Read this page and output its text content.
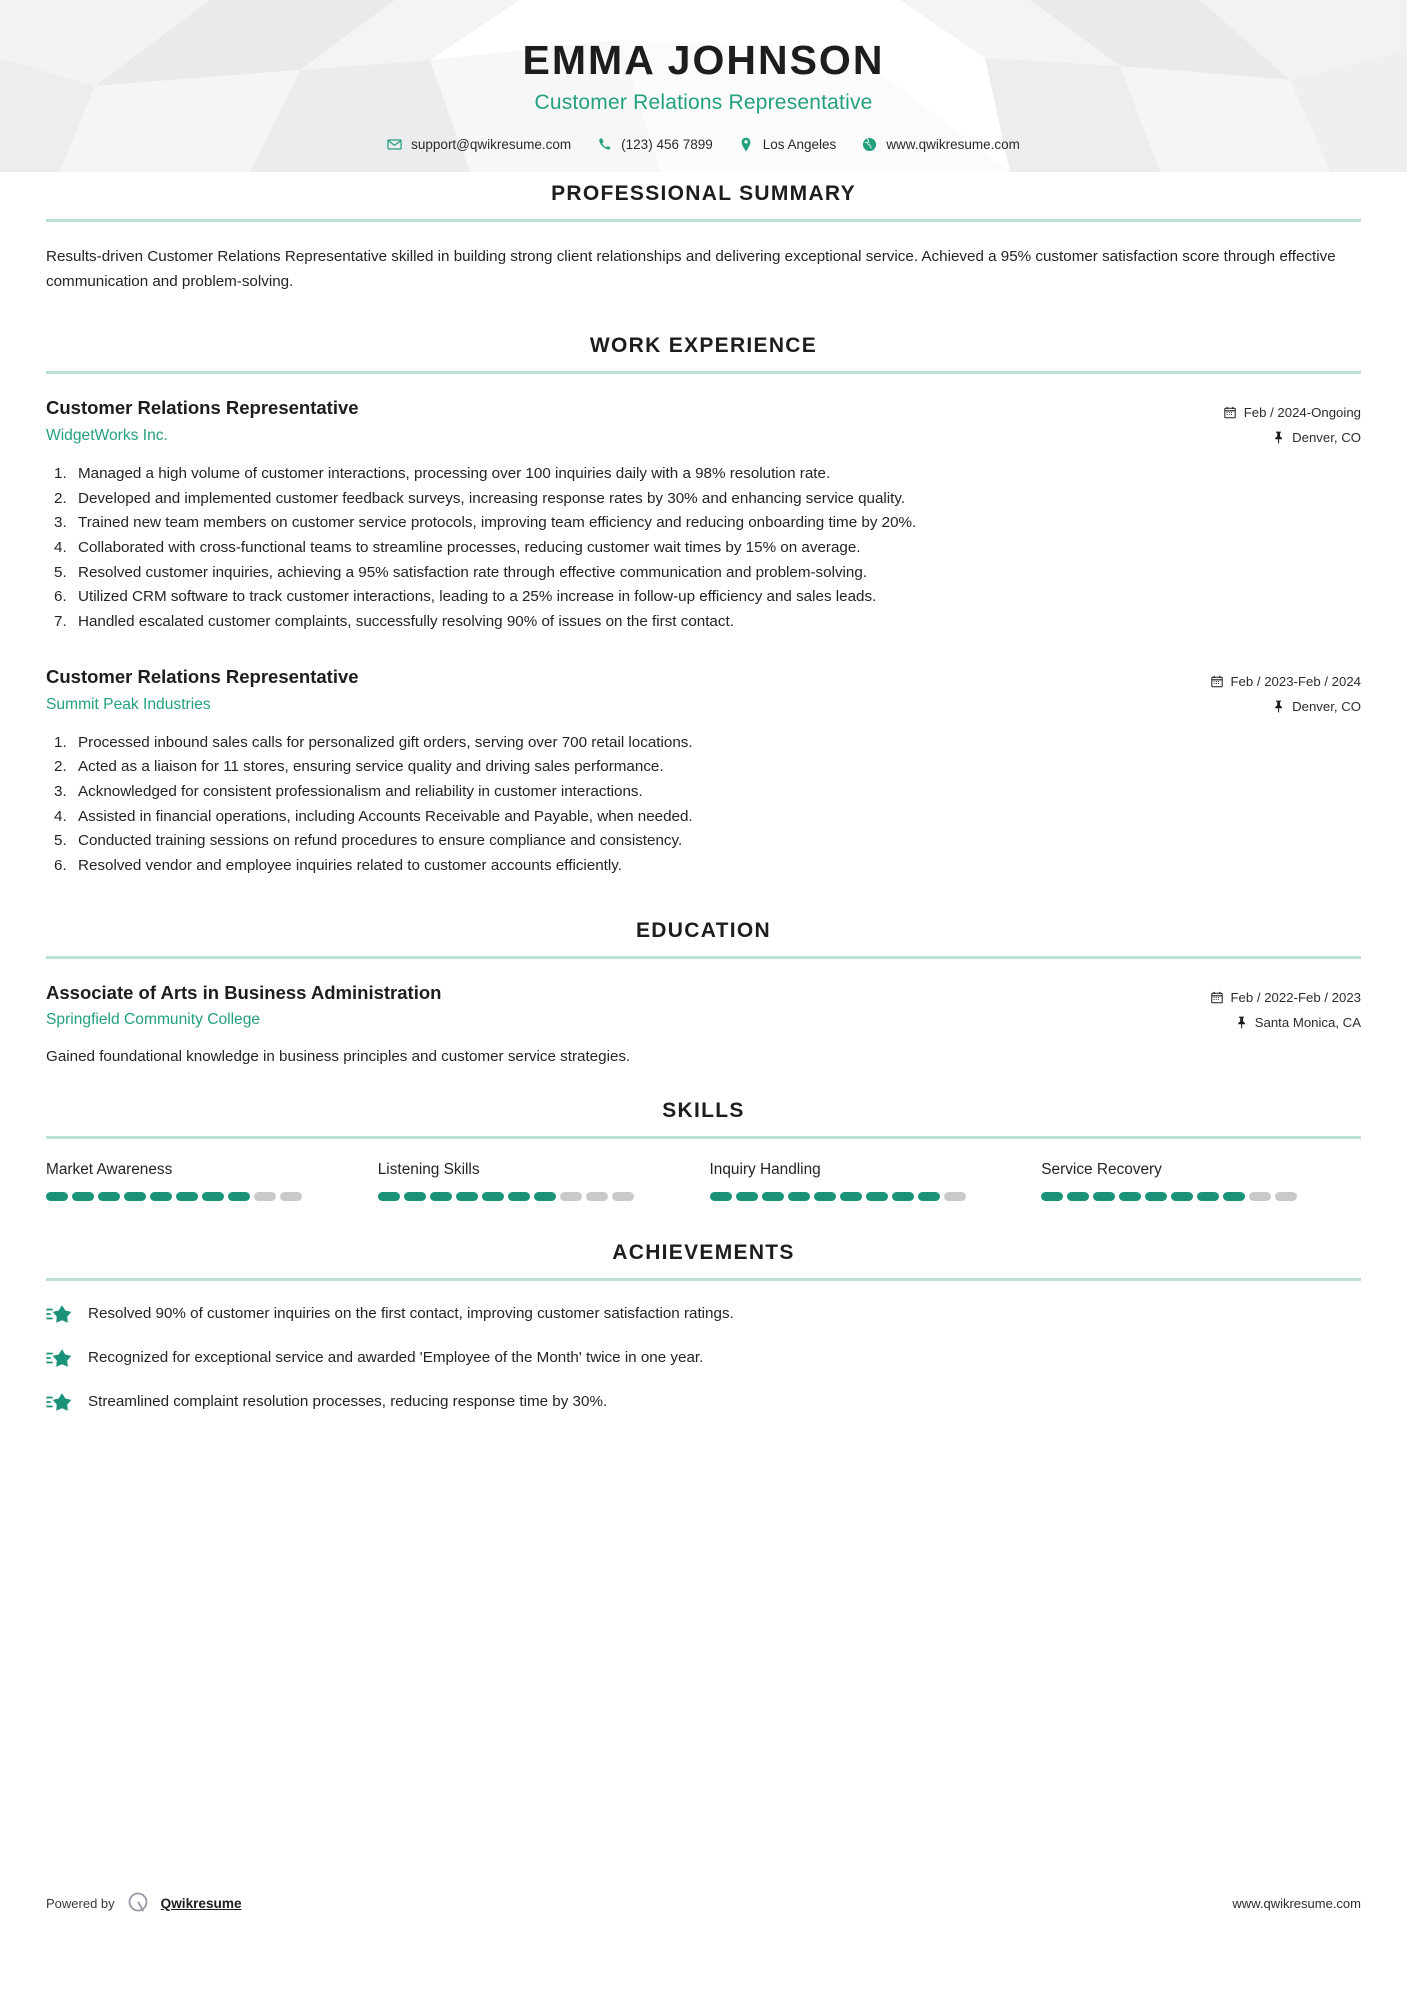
EMMA JOHNSON
Customer Relations Representative
support@qwikresume.com	(123) 456 7899	Los Angeles	www.qwikresume.com
PROFESSIONAL SUMMARY
Results-driven Customer Relations Representative skilled in building strong client relationships and delivering exceptional service. Achieved a 95% customer satisfaction score through effective communication and problem-solving.
WORK EXPERIENCE
Customer Relations Representative
WidgetWorks Inc.
Feb / 2024-Ongoing
Denver, CO
Managed a high volume of customer interactions, processing over 100 inquiries daily with a 98% resolution rate.
Developed and implemented customer feedback surveys, increasing response rates by 30% and enhancing service quality.
Trained new team members on customer service protocols, improving team efficiency and reducing onboarding time by 20%.
Collaborated with cross-functional teams to streamline processes, reducing customer wait times by 15% on average.
Resolved customer inquiries, achieving a 95% satisfaction rate through effective communication and problem-solving.
Utilized CRM software to track customer interactions, leading to a 25% increase in follow-up efficiency and sales leads.
Handled escalated customer complaints, successfully resolving 90% of issues on the first contact.
Customer Relations Representative
Summit Peak Industries
Feb / 2023-Feb / 2024
Denver, CO
Processed inbound sales calls for personalized gift orders, serving over 700 retail locations.
Acted as a liaison for 11 stores, ensuring service quality and driving sales performance.
Acknowledged for consistent professionalism and reliability in customer interactions.
Assisted in financial operations, including Accounts Receivable and Payable, when needed.
Conducted training sessions on refund procedures to ensure compliance and consistency.
Resolved vendor and employee inquiries related to customer accounts efficiently.
EDUCATION
Associate of Arts in Business Administration
Springfield Community College
Feb / 2022-Feb / 2023
Santa Monica, CA
Gained foundational knowledge in business principles and customer service strategies.
SKILLS
Market Awareness	Listening Skills	Inquiry Handling	Service Recovery
ACHIEVEMENTS
Resolved 90% of customer inquiries on the first contact, improving customer satisfaction ratings.
Recognized for exceptional service and awarded 'Employee of the Month' twice in one year.
Streamlined complaint resolution processes, reducing response time by 30%.
Powered by	Qwikresume	www.qwikresume.com
